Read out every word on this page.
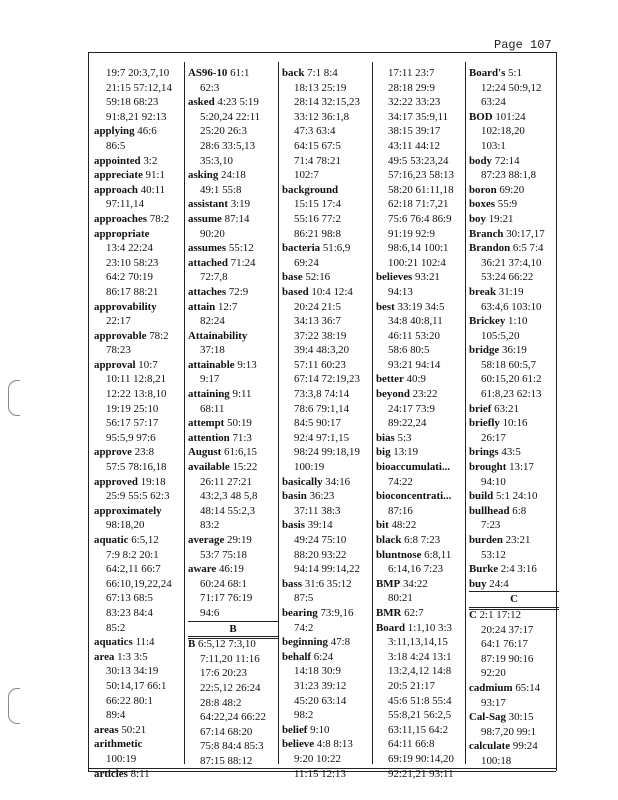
Page 107
19:7 20:3,7,10
21:15 57:12,14
59:18 68:23
91:8,21 92:13
applying 46:6
86:5
appointed 3:2
appreciate 91:1
approach 40:11
97:11,14
approaches 78:2
appropriate
13:4 22:24
23:10 58:23
64:2 70:19
86:17 88:21
approvability
22:17
approvable 78:2
78:23
approval 10:7
10:11 12:8,21
12:22 13:8,10
19:19 25:10
56:17 57:17
95:5,9 97:6
approve 23:8
57:5 78:16,18
approved 19:18
25:9 55:5 62:3
approximately
98:18,20
aquatic 6:5,12
7:9 8:2 20:1
64:2,11 66:7
66:10,19,22,24
67:13 68:5
83:23 84:4
85:2
aquatics 11:4
area 1:3 3:5
30:13 34:19
50:14,17 66:1
66:22 80:1
89:4
areas 50:21
arithmetic
100:19
articles 8:11
AS96-10 61:1
62:3
asked 4:23 5:19
5:20,24 22:11
25:20 26:3
28:6 33:5,13
35:3,10
asking 24:18
49:1 55:8
assistant 3:19
assume 87:14
90:20
assumes 55:12
attached 71:24
72:7,8
attaches 72:9
attain 12:7
82:24
Attainability
37:18
attainable 9:13
9:17
attaining 9:11
68:11
attempt 50:19
attention 71:3
August 61:6,15
available 15:22
26:11 27:21
43:2,3 48 5,8
48:14 55:2,3
83:2
average 29:19
53:7 75:18
aware 46:19
60:24 68:1
71:17 76:19
94:6
B
B 6:5,12 7:3,10
7:11,20 11:16
17:6 20:23
22:5,12 26:24
28:8 48:2
64:22,24 66:22
67:14 68:20
75:8 84:4 85:3
87:15 88:12
back 7:1 8:4
18:13 25:19
28:14 32:15,23
33:12 36:1,8
47:3 63:4
64:15 67:5
71:4 78:21
102:7
background
15:15 17:4
55:16 77:2
86:21 98:8
bacteria 51:6,9
69:24
base 52:16
based 10:4 12:4
20:24 21:5
34:13 36:7
37:22 38:19
39:4 48:3,20
57:11 60:23
67:14 72:19,23
73:3,8 74:14
78:6 79:1,14
84:5 90:17
92:4 97:1,15
98:24 99:18,19
100:19
basically 34:16
basin 36:23
37:11 38:3
basis 39:14
49:24 75:10
88:20 93:22
94:14 99:14,22
bass 31:6 35:12
87:5
bearing 73:9,16
74:2
beginning 47:8
behalf 6:24
14:18 30:9
31:23 39:12
45:20 63:14
98:2
belief 9:10
believe 4:8 8:13
9:20 10:22
11:15 12:13
17:11 23:7
28:18 29:9
32:22 33:23
34:17 35:9,11
38:15 39:17
43:11 44:12
49:5 53:23,24
57:16,23 58:13
58:20 61:11,18
62:18 71:7,21
75:6 76:4 86:9
91:19 92:9
98:6,14 100:1
100:21 102:4
believes 93:21
94:13
best 33:19 34:5
34:8 40:8,11
46:11 53:20
58:6 80:5
93:21 94:14
better 40:9
beyond 23:22
24:17 73:9
89:22,24
bias 5:3
big 13:19
bioaccumulati...
74:22
bioconcentrati...
87:16
bit 48:22
black 6:8 7:23
bluntnose 6:8,11
6:14,16 7:23
BMP 34:22
80:21
BMR 62:7
Board 1:1,10 3:3
3:11,13,14,15
3:18 4:24 13:1
13:2,4,12 14:8
20:5 21:17
45:6 51:8 55:4
55:8,21 56:2,5
63:11,15 64:2
64:11 66:8
69:19 90:14,20
92:21,21 93:11
Board's 5:1
12:24 50:9,12
63:24
BOD 101:24
102:18,20
103:1
body 72:14
87:23 88:1,8
boron 69:20
boxes 55:9
boy 19:21
Branch 30:17,17
Brandon 6:5 7:4
36:21 37:4,10
53:24 66:22
break 31:19
63:4,6 103:10
Brickey 1:10
105:5,20
bridge 36:19
58:18 60:5,7
60:15,20 61:2
61:8,23 62:13
brief 63:21
briefly 10:16
26:17
brings 43:5
brought 13:17
94:10
build 5:1 24:10
bullhead 6:8
7:23
burden 23:21
53:12
Burke 2:4 3:16
buy 24:4
C
C 2:1 17:12
20:24 37:17
64:1 76:17
87:19 90:16
92:20
cadmium 65:14
93:17
Cal-Sag 30:15
98:7,20 99:1
calculate 99:24
100:18
